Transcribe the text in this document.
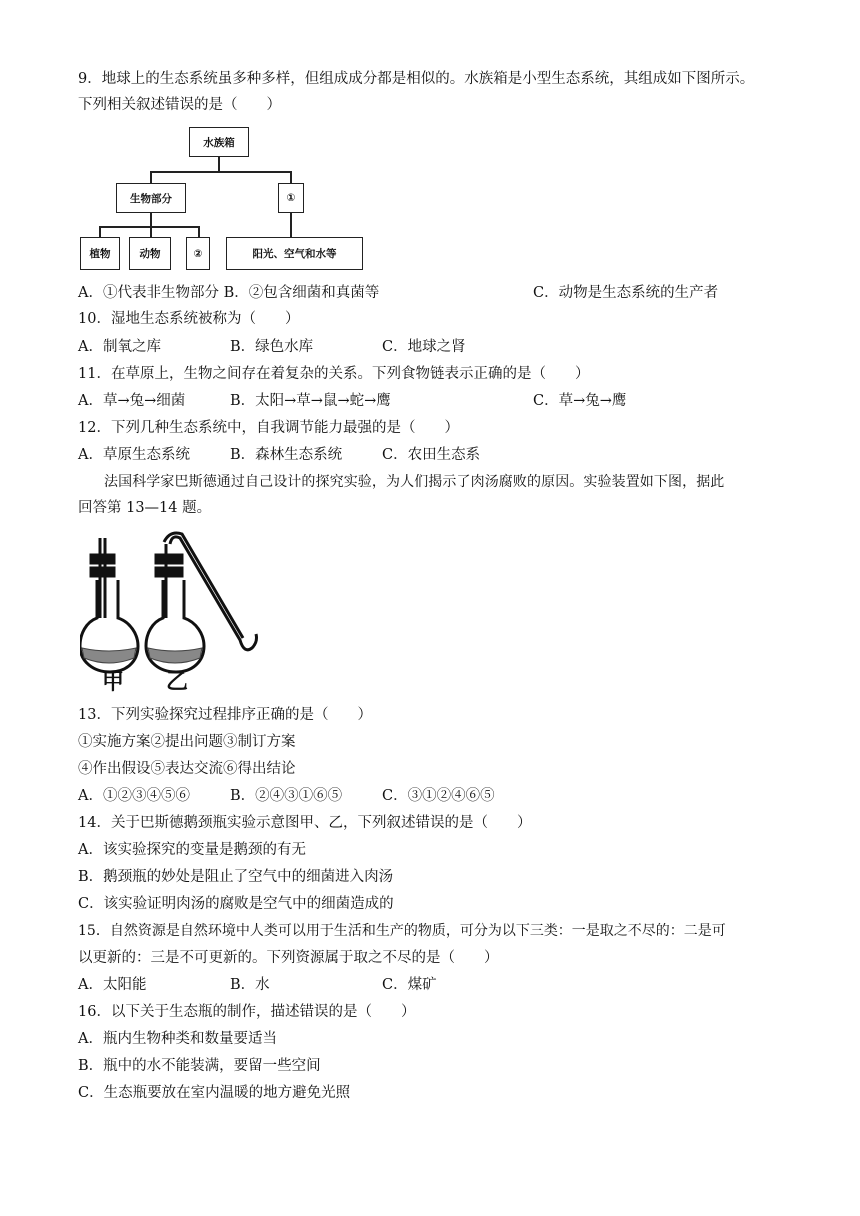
9．地球上的生态系统虽多种多样，但组成成分都是相似的。水族箱是小型生态系统，其组成如下图所示。
下列相关叙述错误的是（　　）
水族箱
生物部分	①
植物	动物	②	阳光、空气和水等
A．①代表非生物部分 B．②包含细菌和真菌等	C．动物是生态系统的生产者
10．湿地生态系统被称为（　　）
A．制氧之库	B．绿色水库	C．地球之肾
11．在草原上，生物之间存在着复杂的关系。下列食物链表示正确的是（　　）
A．草→兔→细菌	B．太阳→草→鼠→蛇→鹰	C．草→兔→鹰
12．下列几种生态系统中，自我调节能力最强的是（　　）
A．草原生态系统	B．森林生态系统	C．农田生态系
法国科学家巴斯德通过自己设计的探究实验，为人们揭示了肉汤腐败的原因。实验装置如下图，据此
回答第 13—14 题。
甲 乙
13．下列实验探究过程排序正确的是（　　）
①实施方案②提出问题③制订方案
④作出假设⑤表达交流⑥得出结论
A．①②③④⑤⑥	B．②④③①⑥⑤	C．③①②④⑥⑤
14．关于巴斯德鹅颈瓶实验示意图甲、乙，下列叙述错误的是（　　）
A．该实验探究的变量是鹅颈的有无
B．鹅颈瓶的妙处是阻止了空气中的细菌进入肉汤
C．该实验证明肉汤的腐败是空气中的细菌造成的
15．自然资源是自然环境中人类可以用于生活和生产的物质，可分为以下三类：一是取之不尽的：二是可
以更新的：三是不可更新的。下列资源属于取之不尽的是（　　）
A．太阳能	B．水	C．煤矿
16．以下关于生态瓶的制作，描述错误的是（　　）
A．瓶内生物种类和数量要适当
B．瓶中的水不能装满，要留一些空间
C．生态瓶要放在室内温暖的地方避免光照
